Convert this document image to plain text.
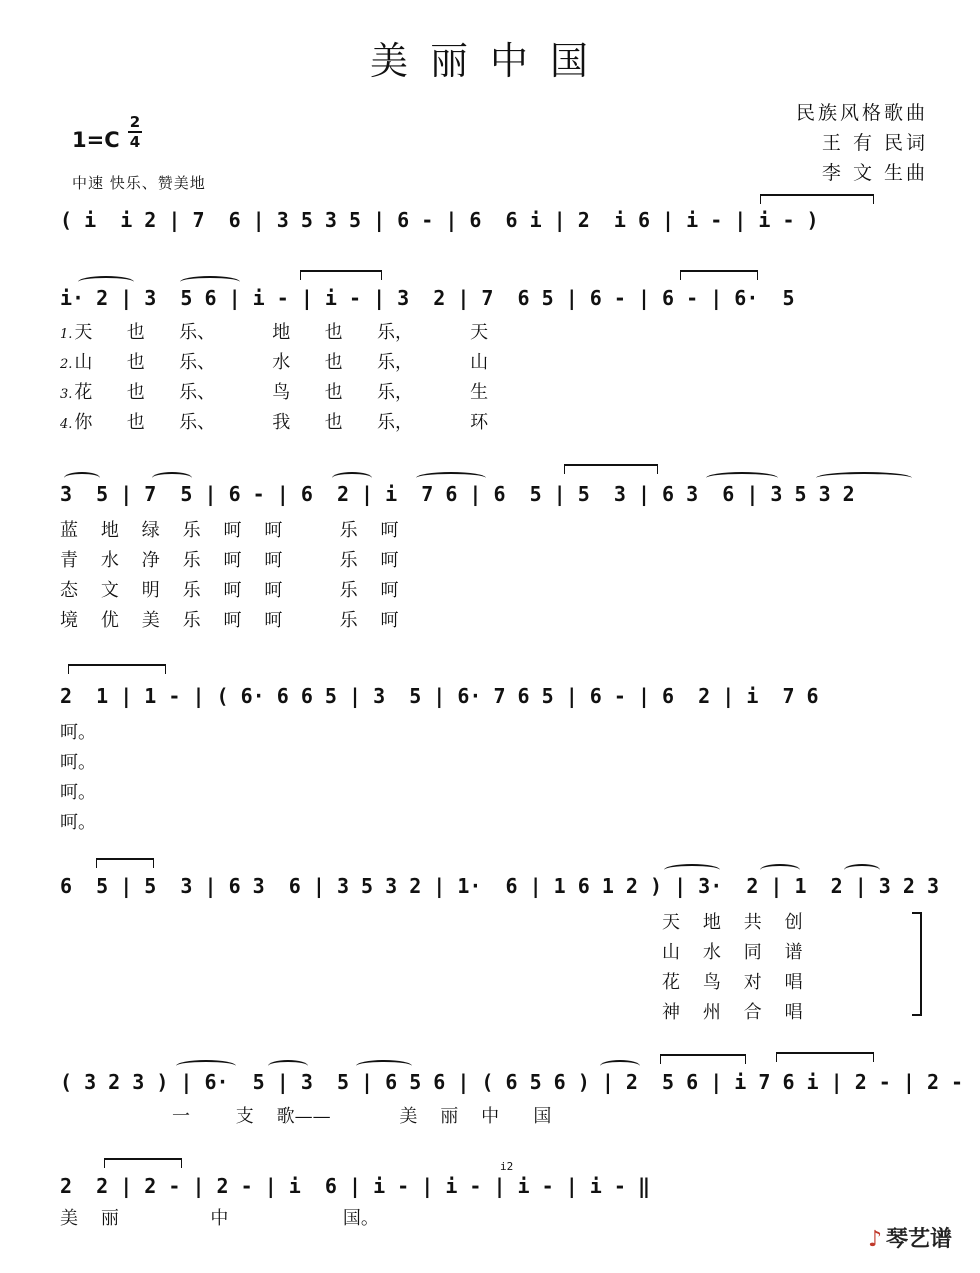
美丽中国
民族风格歌曲
王 有 民词
李 文 生曲
1=C
2
4
中速 快乐、赞美地
( i  i 2 | 7  6 | 3 5 3 5 | 6 - | 6  6 i | 2  i 6 | i - | i - )
i· 2 | 3  5 6 | i - | i - | 3  2 | 7  6 5 | 6 - | 6 - | 6·  5
1. 天      也      乐、          地      也      乐，          天
2. 山      也      乐、          水      也      乐，          山
3. 花      也      乐、          鸟      也      乐，          生
4. 你      也      乐、          我      也      乐，          环
3  5 | 7  5 | 6 - | 6  2 | i  7 6 | 6  5 | 5  3 | 6 3  6 | 3 5 3 2
蓝    地    绿    乐    呵    呵          乐    呵
青    水    净    乐    呵    呵          乐    呵
态    文    明    乐    呵    呵          乐    呵
境    优    美    乐    呵    呵          乐    呵
2  1 | 1 - | ( 6· 6 6 5 | 3  5 | 6· 7 6 5 | 6 - | 6  2 | i  7 6
呵。
呵。
呵。
呵。
6  5 | 5  3 | 6 3  6 | 3 5 3 2 | 1·  6 | 1 6 1 2 ) | 3·  2 | 1  2 | 3 2 3
天    地    共    创
山    水    同    谱
花    鸟    对    唱
神    州    合    唱
( 3 2 3 ) | 6·  5 | 3  5 | 6 5 6 | ( 6 5 6 ) | 2  5 6 | i 7 6 i | 2 - | 2 -
一        支    歌——            美    丽    中      国
2  2 | 2 - | 2 - | i  6 | i - | i - | i - | i - ‖
i2
美    丽                中                    国。
♪ 琴艺谱
